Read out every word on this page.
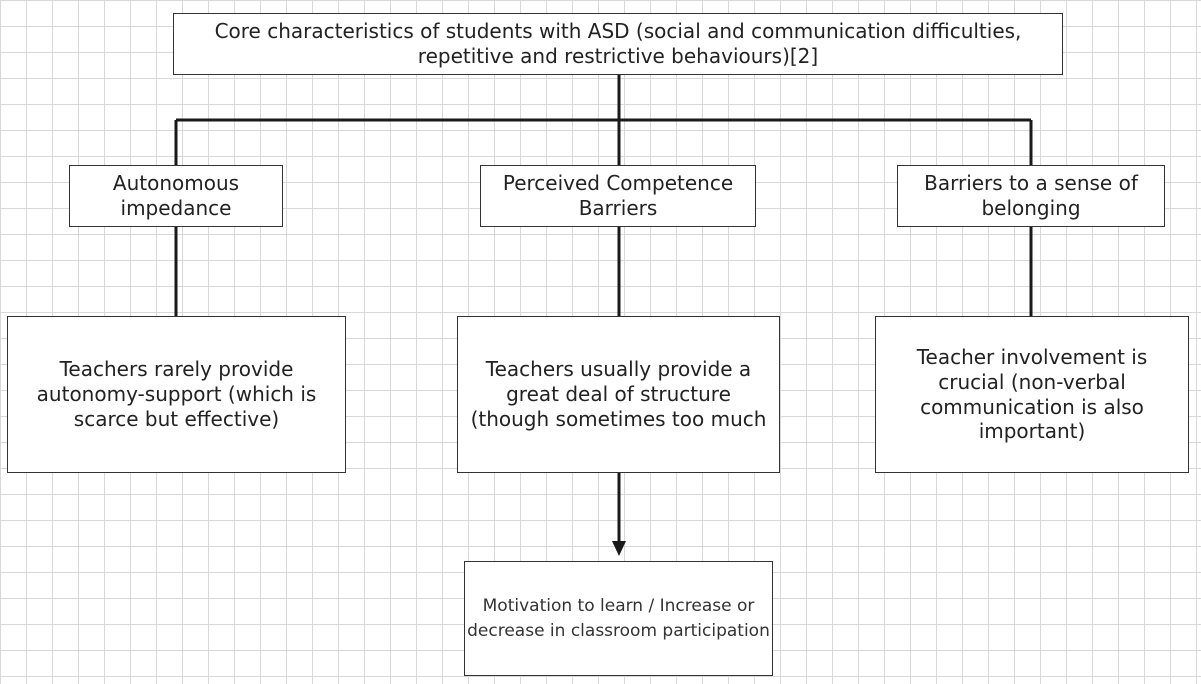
Core characteristics of students with ASD (social and communication difficulties, repetitive and restrictive behaviours)[2]
Autonomous impedance
Perceived Competence Barriers
Barriers to a sense of belonging
Teachers rarely provide autonomy-support (which is scarce but effective)
Teachers usually provide a great deal of structure (though sometimes too much
Teacher involvement is crucial (non-verbal communication is also important)
Motivation to learn / Increase or decrease in classroom participation
